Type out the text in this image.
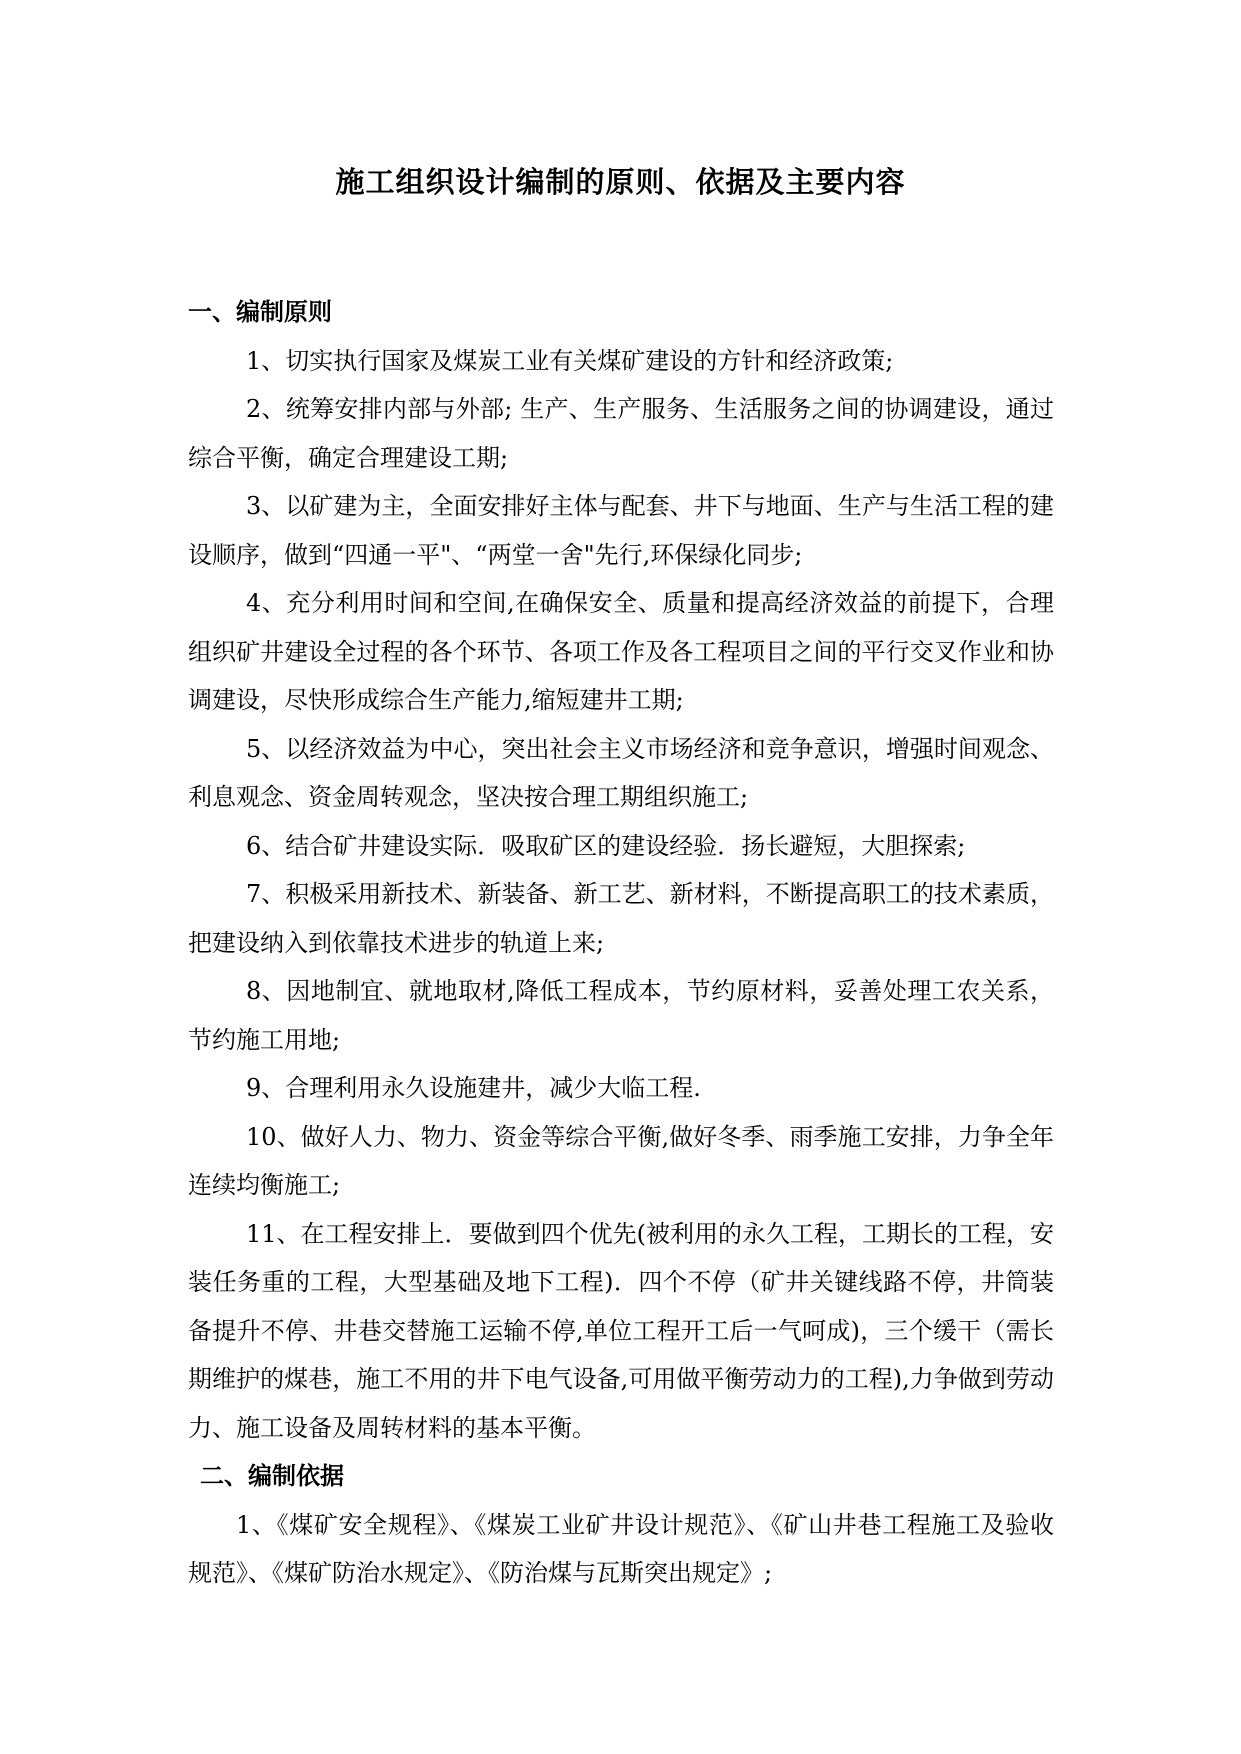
施工组织设计编制的原则、依据及主要内容

一、编制原则

1、切实执行国家及煤炭工业有关煤矿建设的方针和经济政策;

2、统筹安排内部与外部; 生产、生产服务、生活服务之间的协调建设，通过综合平衡，确定合理建设工期;

3、以矿建为主，全面安排好主体与配套、井下与地面、生产与生活工程的建设顺序，做到“四通一平"、“两堂一舍"先行,环保绿化同步;

4、充分利用时间和空间,在确保安全、质量和提高经济效益的前提下，合理组织矿井建设全过程的各个环节、各项工作及各工程项目之间的平行交叉作业和协调建设，尽快形成综合生产能力,缩短建井工期;

5、以经济效益为中心，突出社会主义市场经济和竞争意识，增强时间观念、利息观念、资金周转观念，坚决按合理工期组织施工;

6、结合矿井建设实际．吸取矿区的建设经验．扬长避短，大胆探索;

7、积极采用新技术、新装备、新工艺、新材料，不断提高职工的技术素质，把建设纳入到依靠技术进步的轨道上来;

8、因地制宜、就地取材,降低工程成本，节约原材料，妥善处理工农关系，节约施工用地;

9、合理利用永久设施建井，减少大临工程.

10、做好人力、物力、资金等综合平衡,做好冬季、雨季施工安排，力争全年连续均衡施工;

11、在工程安排上．要做到四个优先(被利用的永久工程，工期长的工程，安装任务重的工程，大型基础及地下工程)．四个不停（矿井关键线路不停，井筒装备提升不停、井巷交替施工运输不停,单位工程开工后一气呵成)，三个缓干（需长期维护的煤巷，施工不用的井下电气设备,可用做平衡劳动力的工程),力争做到劳动力、施工设备及周转材料的基本平衡。

二、编制依据

1、《煤矿安全规程》、《煤炭工业矿井设计规范》、《矿山井巷工程施工及验收规范》、《煤矿防治水规定》、《防治煤与瓦斯突出规定》;
